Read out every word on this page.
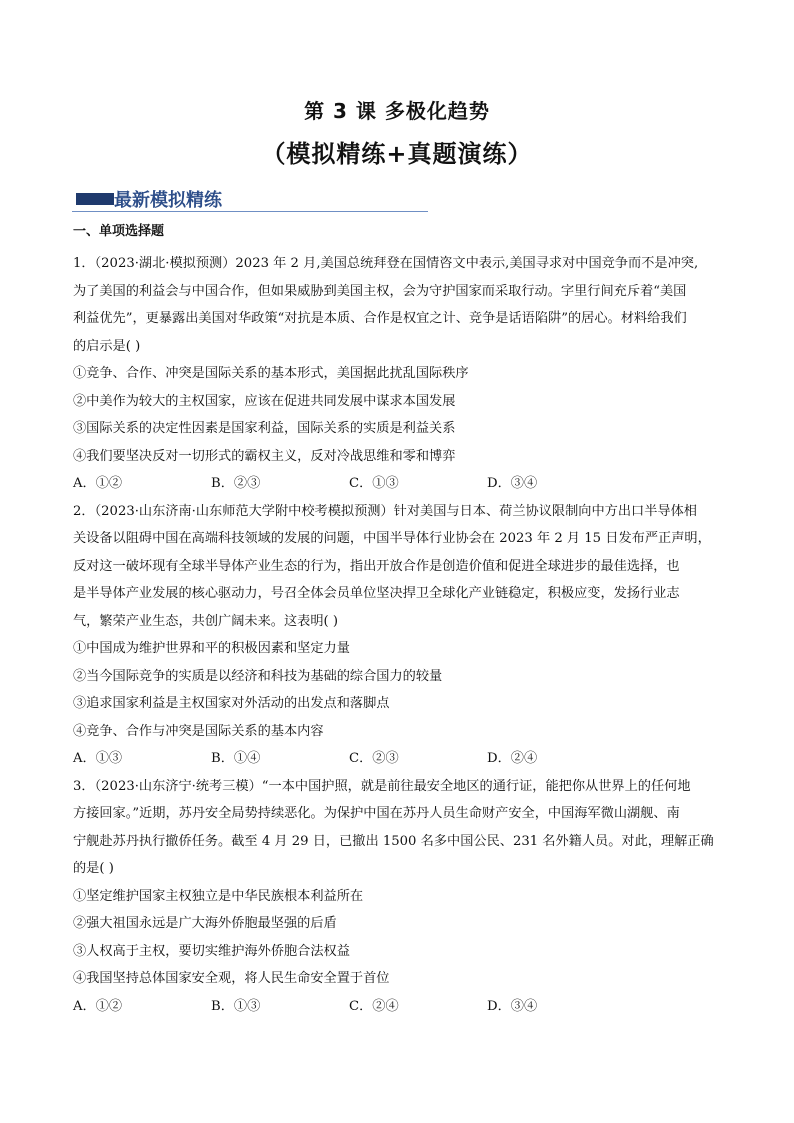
第 3 课 多极化趋势
（模拟精练+真题演练）
最新模拟精练
一、单项选择题
1．（2023·湖北·模拟预测）2023 年 2 月,美国总统拜登在国情咨文中表示,美国寻求对中国竞争而不是冲突,
为了美国的利益会与中国合作，但如果威胁到美国主权，会为守护国家而采取行动。字里行间充斥着“美国
利益优先”，更暴露出美国对华政策“对抗是本质、合作是权宜之计、竞争是话语陷阱”的居心。材料给我们
的启示是( )
①竞争、合作、冲突是国际关系的基本形式，美国据此扰乱国际秩序
②中美作为较大的主权国家，应该在促进共同发展中谋求本国发展
③国际关系的决定性因素是国家利益，国际关系的实质是利益关系
④我们要坚决反对一切形式的霸权主义，反对冷战思维和零和博弈
A．①②	B．②③	C．①③	D．③④
2．（2023·山东济南·山东师范大学附中校考模拟预测）针对美国与日本、荷兰协议限制向中方出口半导体相
关设备以阻碍中国在高端科技领域的发展的问题，中国半导体行业协会在 2023 年 2 月 15 日发布严正声明，
反对这一破坏现有全球半导体产业生态的行为，指出开放合作是创造价值和促进全球进步的最佳选择，也
是半导体产业发展的核心驱动力，号召全体会员单位坚决捍卫全球化产业链稳定，积极应变，发扬行业志
气，繁荣产业生态，共创广阔未来。这表明( )
①中国成为维护世界和平的积极因素和坚定力量
②当今国际竞争的实质是以经济和科技为基础的综合国力的较量
③追求国家利益是主权国家对外活动的出发点和落脚点
④竞争、合作与冲突是国际关系的基本内容
A．①③	B．①④	C．②③	D．②④
3．（2023·山东济宁·统考三模）“一本中国护照，就是前往最安全地区的通行证，能把你从世界上的任何地
方接回家。”近期，苏丹安全局势持续恶化。为保护中国在苏丹人员生命财产安全，中国海军微山湖舰、南
宁舰赴苏丹执行撤侨任务。截至 4 月 29 日，已撤出 1500 名多中国公民、231 名外籍人员。对此，理解正确
的是( )
①坚定维护国家主权独立是中华民族根本利益所在
②强大祖国永远是广大海外侨胞最坚强的后盾
③人权高于主权，要切实维护海外侨胞合法权益
④我国坚持总体国家安全观，将人民生命安全置于首位
A．①②	B．①③	C．②④	D．③④
